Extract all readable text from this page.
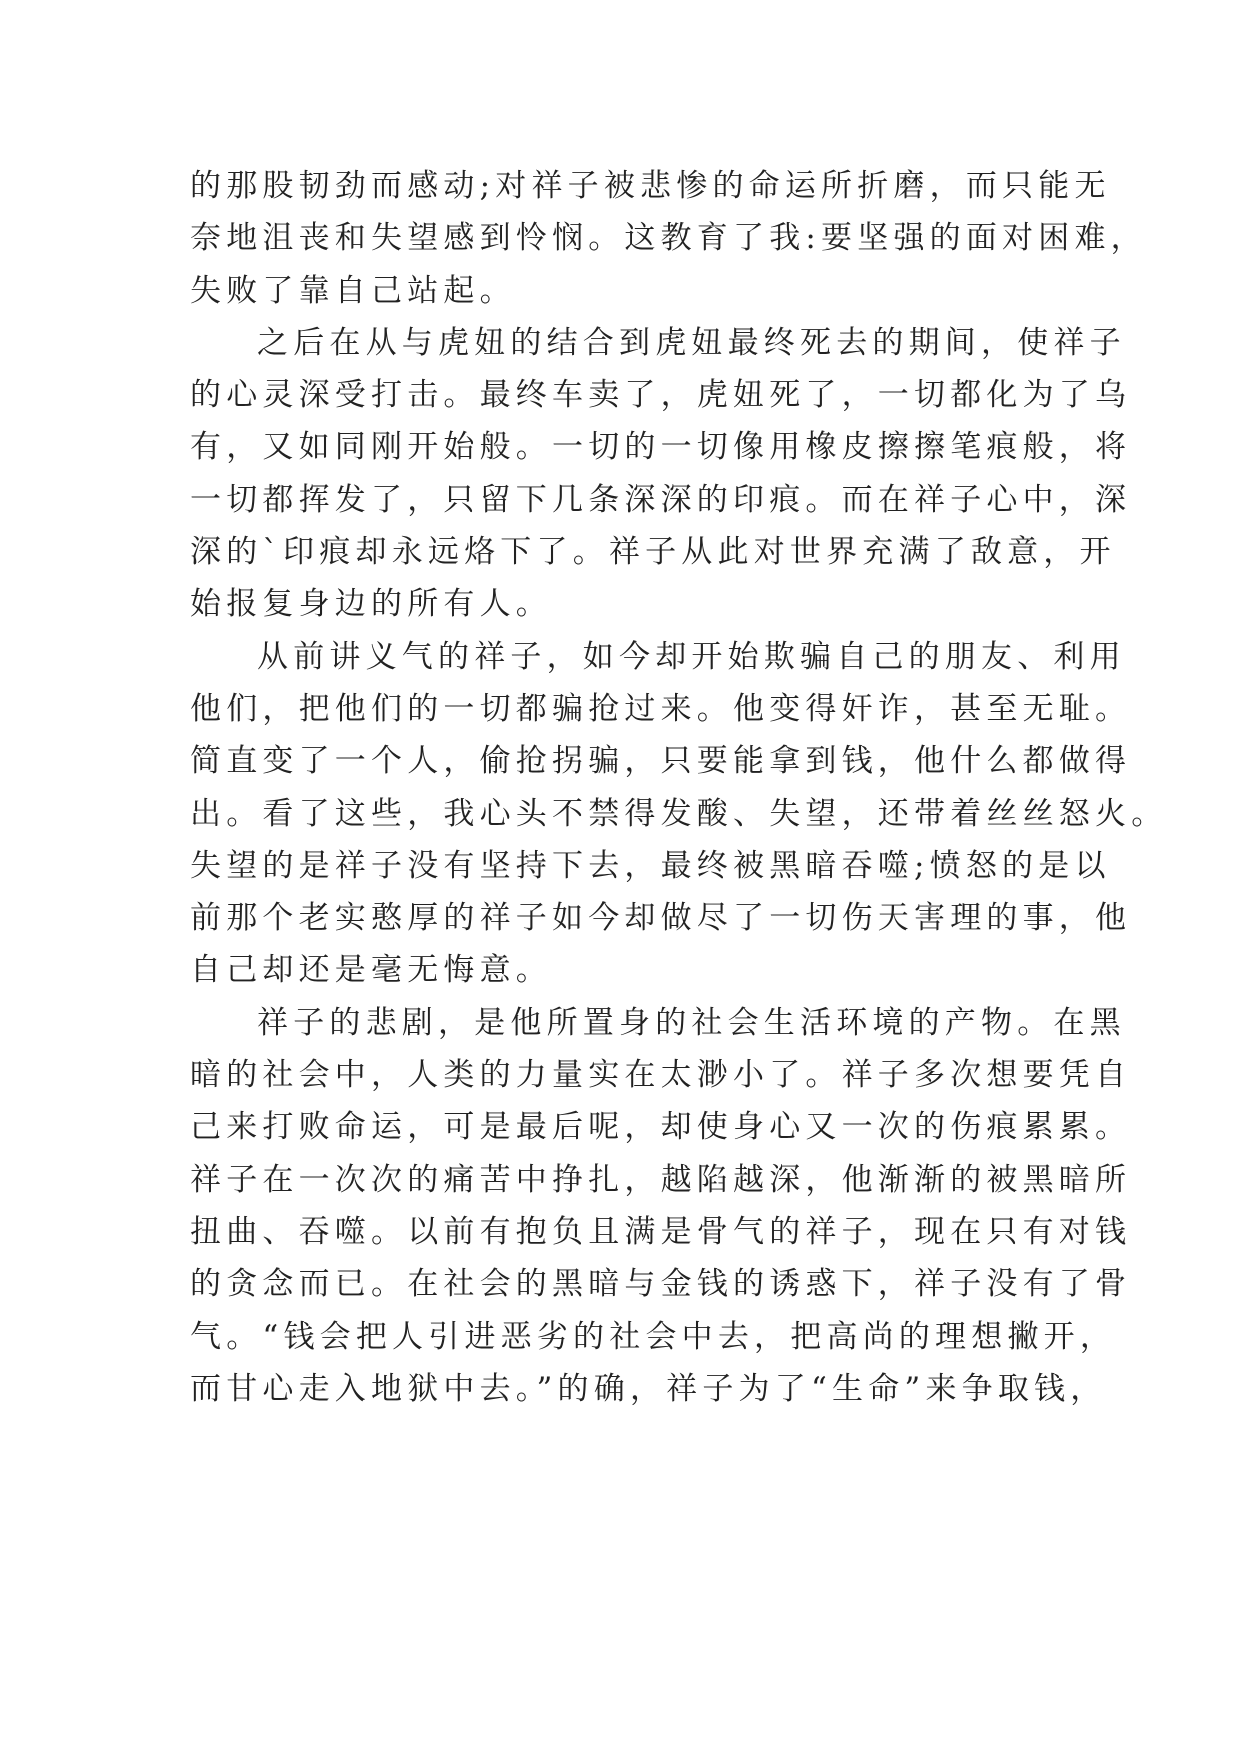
的那股韧劲而感动;对祥子被悲惨的命运所折磨，而只能无
奈地沮丧和失望感到怜悯。这教育了我:要坚强的面对困难，
失败了靠自己站起。
之后在从与虎妞的结合到虎妞最终死去的期间，使祥子
的心灵深受打击。最终车卖了，虎妞死了，一切都化为了乌
有，又如同刚开始般。一切的一切像用橡皮擦擦笔痕般，将
一切都挥发了，只留下几条深深的印痕。而在祥子心中，深
深的`印痕却永远烙下了。祥子从此对世界充满了敌意，开
始报复身边的所有人。
从前讲义气的祥子，如今却开始欺骗自己的朋友、利用
他们，把他们的一切都骗抢过来。他变得奸诈，甚至无耻。
简直变了一个人，偷抢拐骗，只要能拿到钱，他什么都做得
出。看了这些，我心头不禁得发酸、失望，还带着丝丝怒火。
失望的是祥子没有坚持下去，最终被黑暗吞噬;愤怒的是以
前那个老实憨厚的祥子如今却做尽了一切伤天害理的事，他
自己却还是毫无悔意。
祥子的悲剧，是他所置身的社会生活环境的产物。在黑
暗的社会中，人类的力量实在太渺小了。祥子多次想要凭自
己来打败命运，可是最后呢，却使身心又一次的伤痕累累。
祥子在一次次的痛苦中挣扎，越陷越深，他渐渐的被黑暗所
扭曲、吞噬。以前有抱负且满是骨气的祥子，现在只有对钱
的贪念而已。在社会的黑暗与金钱的诱惑下，祥子没有了骨
气。“钱会把人引进恶劣的社会中去，把高尚的理想撇开，
而甘心走入地狱中去。”的确，祥子为了“生命”来争取钱，
